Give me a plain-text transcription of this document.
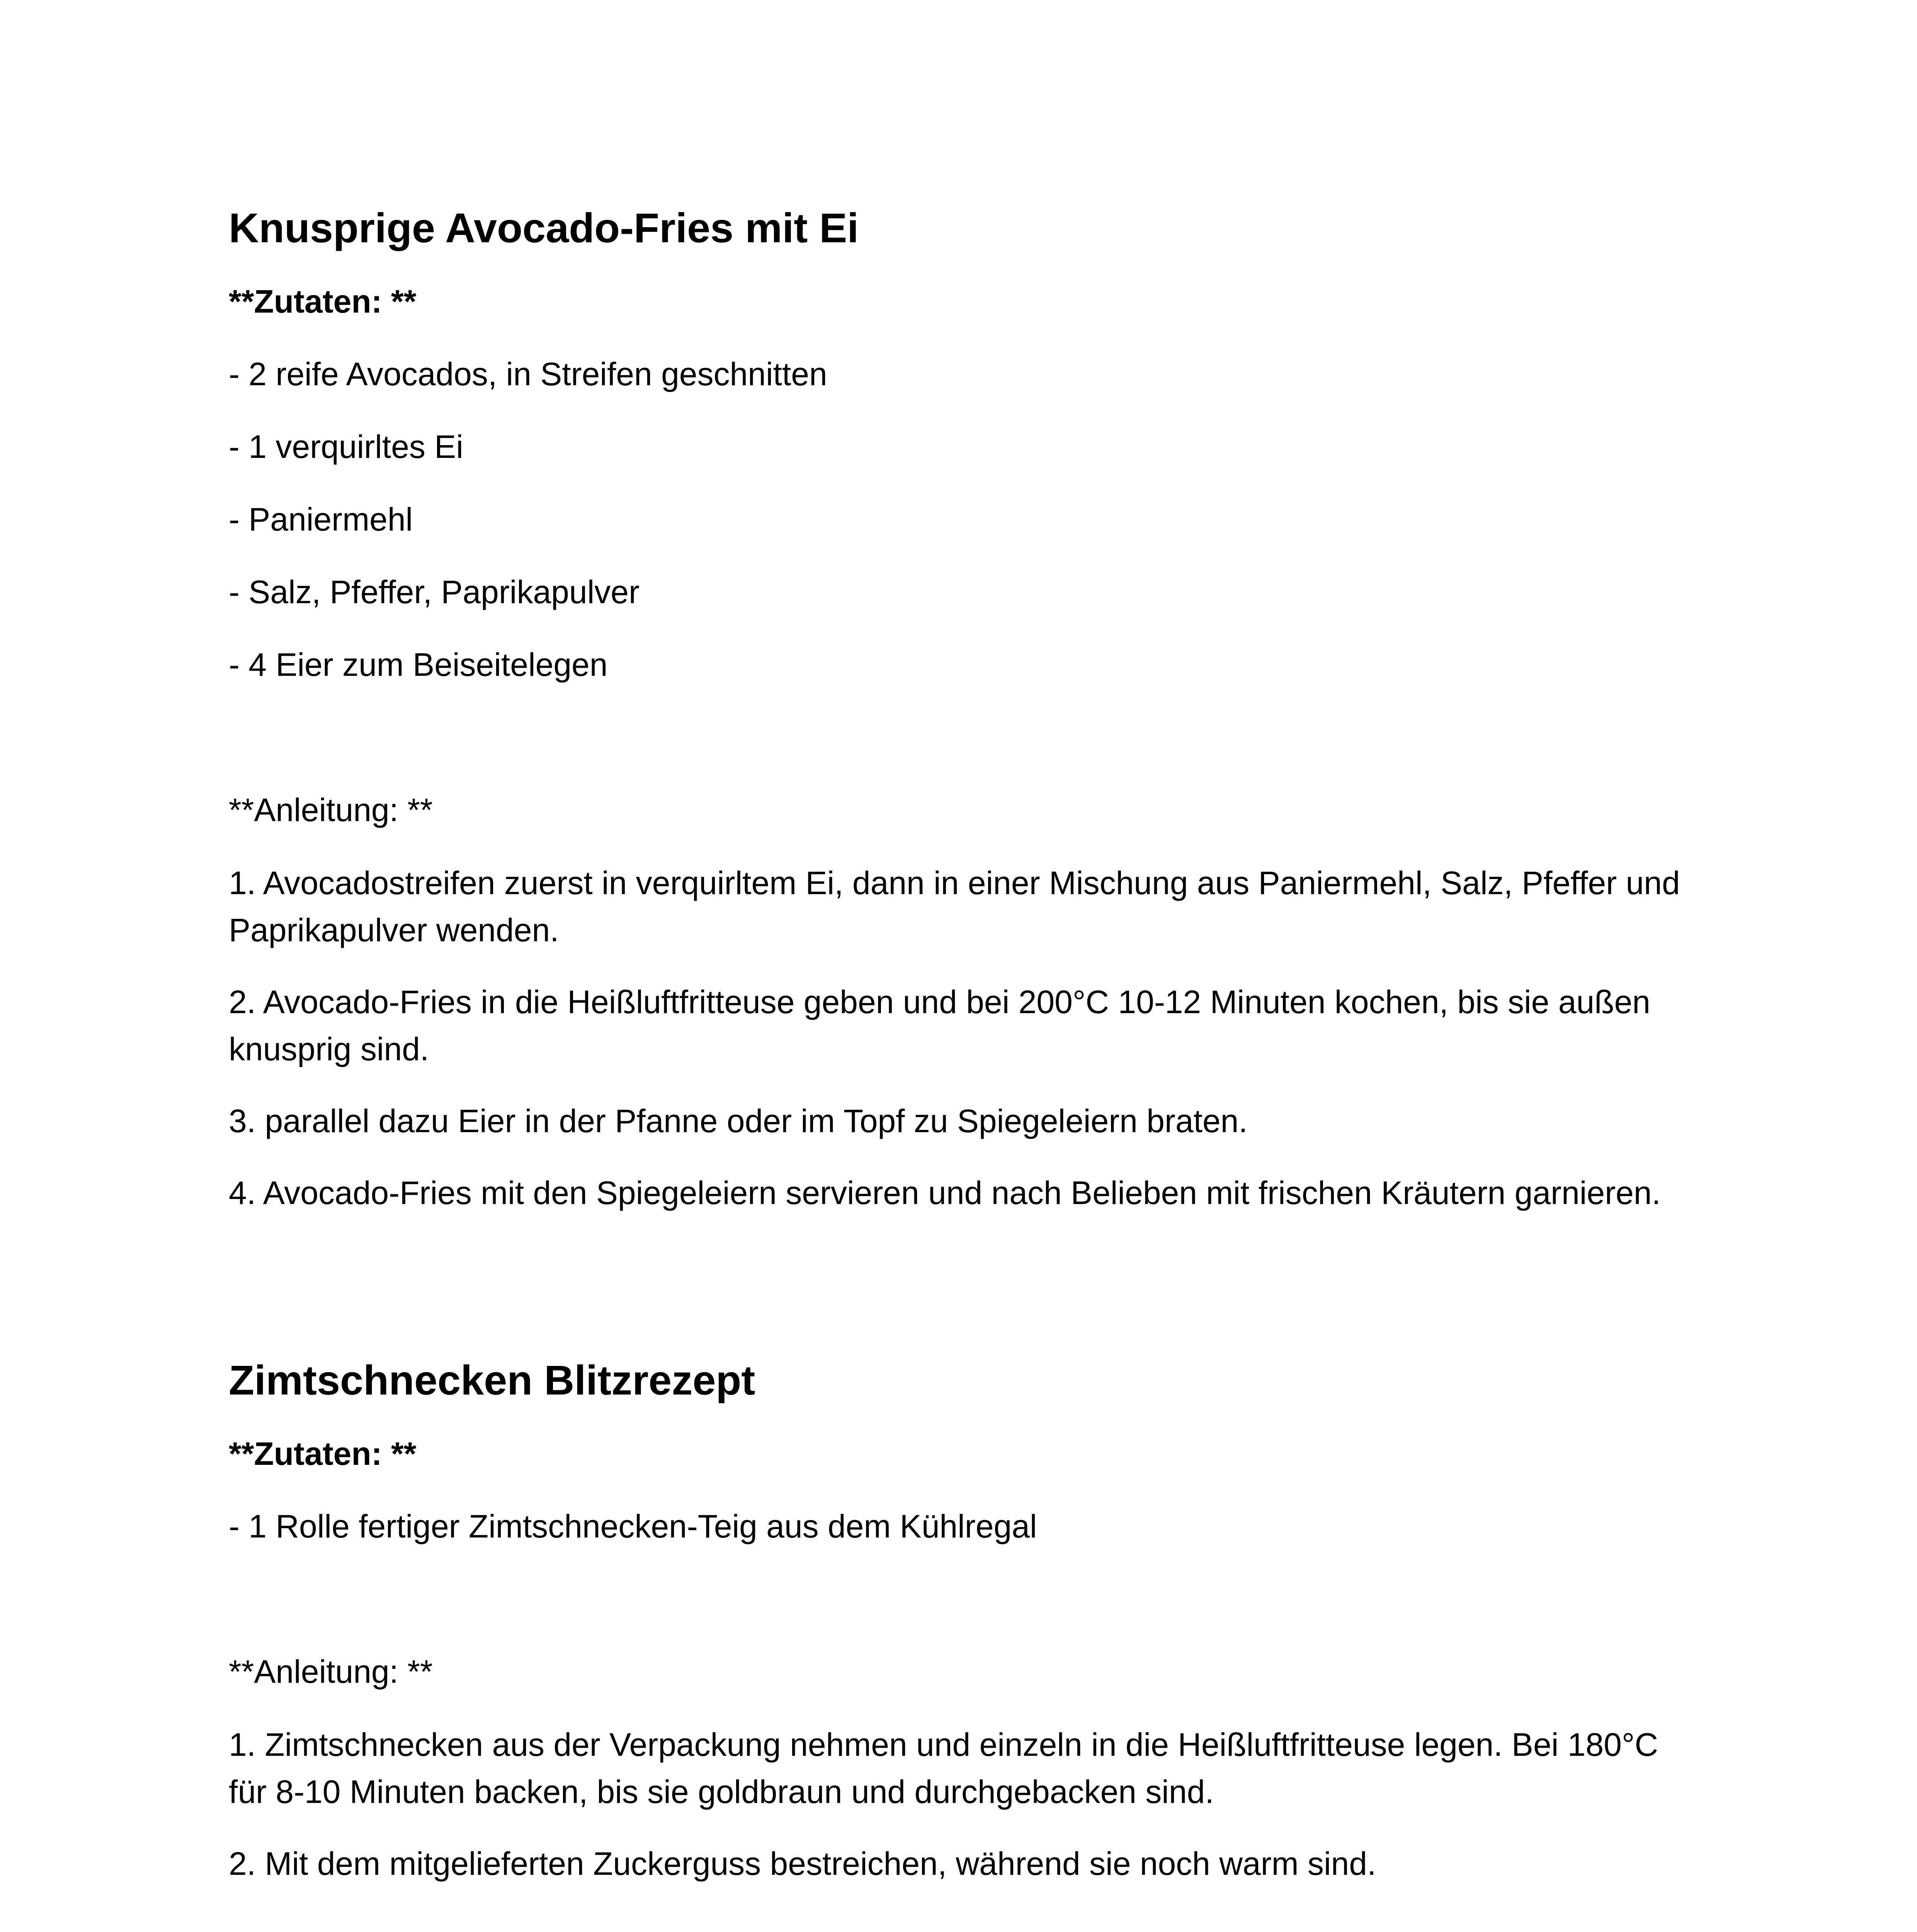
Knusprige Avocado-Fries mit Ei
**Zutaten: **
- 2 reife Avocados, in Streifen geschnitten
- 1 verquirltes Ei
- Paniermehl
- Salz, Pfeffer, Paprikapulver
- 4 Eier zum Beiseitelegen
**Anleitung: **
1. Avocadostreifen zuerst in verquirltem Ei, dann in einer Mischung aus Paniermehl, Salz, Pfeffer und Paprikapulver wenden.
2. Avocado-Fries in die Heißluftfritteuse geben und bei 200°C 10-12 Minuten kochen, bis sie außen knusprig sind.
3. parallel dazu Eier in der Pfanne oder im Topf zu Spiegeleiern braten.
4. Avocado-Fries mit den Spiegeleiern servieren und nach Belieben mit frischen Kräutern garnieren.
Zimtschnecken Blitzrezept
**Zutaten: **
- 1 Rolle fertiger Zimtschnecken-Teig aus dem Kühlregal
**Anleitung: **
1. Zimtschnecken aus der Verpackung nehmen und einzeln in die Heißluftfritteuse legen. Bei 180°C für 8-10 Minuten backen, bis sie goldbraun und durchgebacken sind.
2. Mit dem mitgelieferten Zuckerguss bestreichen, während sie noch warm sind.
